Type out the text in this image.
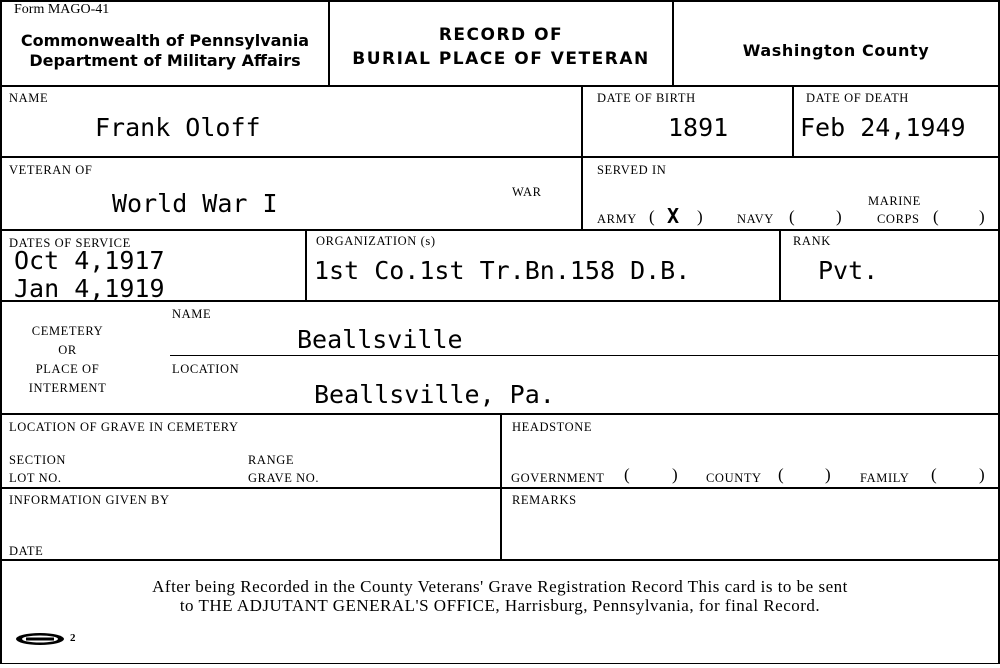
Form MAGO-41
Commonwealth of Pennsylvania
Department of Military Affairs
RECORD OF
BURIAL PLACE OF VETERAN	Washington County
NAME
Frank Oloff
DATE OF BIRTH
1891
DATE OF DEATH
Feb 24,1949
VETERAN OF
World War I	WAR
SERVED IN
ARMY ( X )	NAVY ( )
MARINE
CORPS ( )
DATES OF SERVICE
Oct 4,1917
Jan 4,1919
ORGANIZATION (s)
1st Co.1st Tr.Bn.158 D.B.
RANK
Pvt.
CEMETERY
OR
PLACE OF
INTERMENT
NAME
Beallsville
LOCATION
Beallsville, Pa.
LOCATION OF GRAVE IN CEMETERY
SECTION
LOT NO.
RANGE
GRAVE NO.
HEADSTONE
GOVERNMENT ( ) COUNTY ( ) FAMILY ( )
INFORMATION GIVEN BY
DATE
REMARKS
After being Recorded in the County Veterans' Grave Registration Record This card is to be sent
to THE ADJUTANT GENERAL'S OFFICE, Harrisburg, Pennsylvania, for final Record.
2
